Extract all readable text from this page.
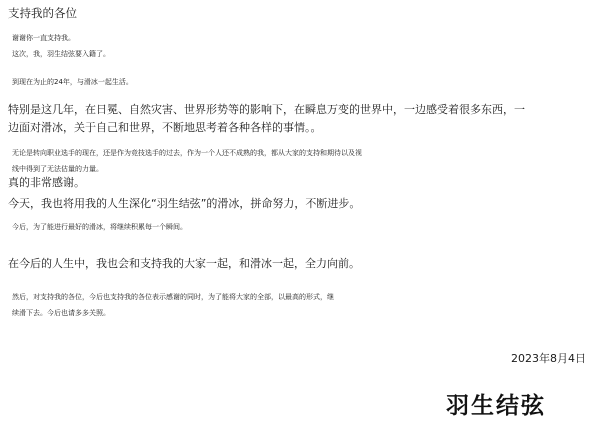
支持我的各位
谢谢你一直支持我。
这次，我，羽生结弦要入籍了。
到现在为止的24年，与滑冰一起生活。
特别是这几年，在日冕、自然灾害、世界形势等的影响下，在瞬息万变的世界中，一边感受着很多东西，一
边面对滑冰，关于自己和世界，不断地思考着各种各样的事情。。
无论是转向职业选手的现在，还是作为竞技选手的过去，作为一个人还不成熟的我，都从大家的支持和期待以及视
线中得到了无法估量的力量。
真的非常感谢。
今天，我也将用我的人生深化“羽生结弦”的滑冰，拼命努力，不断进步。
今后，为了能进行最好的滑冰，将继续积累每一个瞬间。
在今后的人生中，我也会和支持我的大家一起，和滑冰一起，全力向前。
然后，对支持我的各位，今后也支持我的各位表示感谢的同时，为了能将大家的全部，以最高的形式，继
续滑下去。今后也请多多关照。
2023年8月4日
羽生结弦
